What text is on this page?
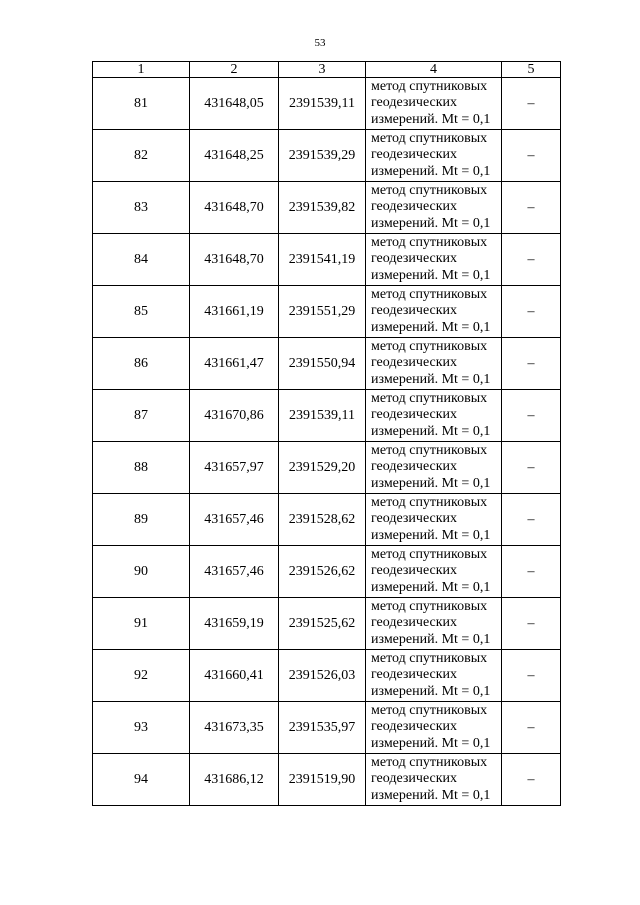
53
1	2	3	4	5
81	431648,05	2391539,11	метод спутниковых
геодезических
измерений. Mt = 0,1	–
82	431648,25	2391539,29	метод спутниковых
геодезических
измерений. Mt = 0,1	–
83	431648,70	2391539,82	метод спутниковых
геодезических
измерений. Mt = 0,1	–
84	431648,70	2391541,19	метод спутниковых
геодезических
измерений. Mt = 0,1	–
85	431661,19	2391551,29	метод спутниковых
геодезических
измерений. Mt = 0,1	–
86	431661,47	2391550,94	метод спутниковых
геодезических
измерений. Mt = 0,1	–
87	431670,86	2391539,11	метод спутниковых
геодезических
измерений. Mt = 0,1	–
88	431657,97	2391529,20	метод спутниковых
геодезических
измерений. Mt = 0,1	–
89	431657,46	2391528,62	метод спутниковых
геодезических
измерений. Mt = 0,1	–
90	431657,46	2391526,62	метод спутниковых
геодезических
измерений. Mt = 0,1	–
91	431659,19	2391525,62	метод спутниковых
геодезических
измерений. Mt = 0,1	–
92	431660,41	2391526,03	метод спутниковых
геодезических
измерений. Mt = 0,1	–
93	431673,35	2391535,97	метод спутниковых
геодезических
измерений. Mt = 0,1	–
94	431686,12	2391519,90	метод спутниковых
геодезических
измерений. Mt = 0,1	–
